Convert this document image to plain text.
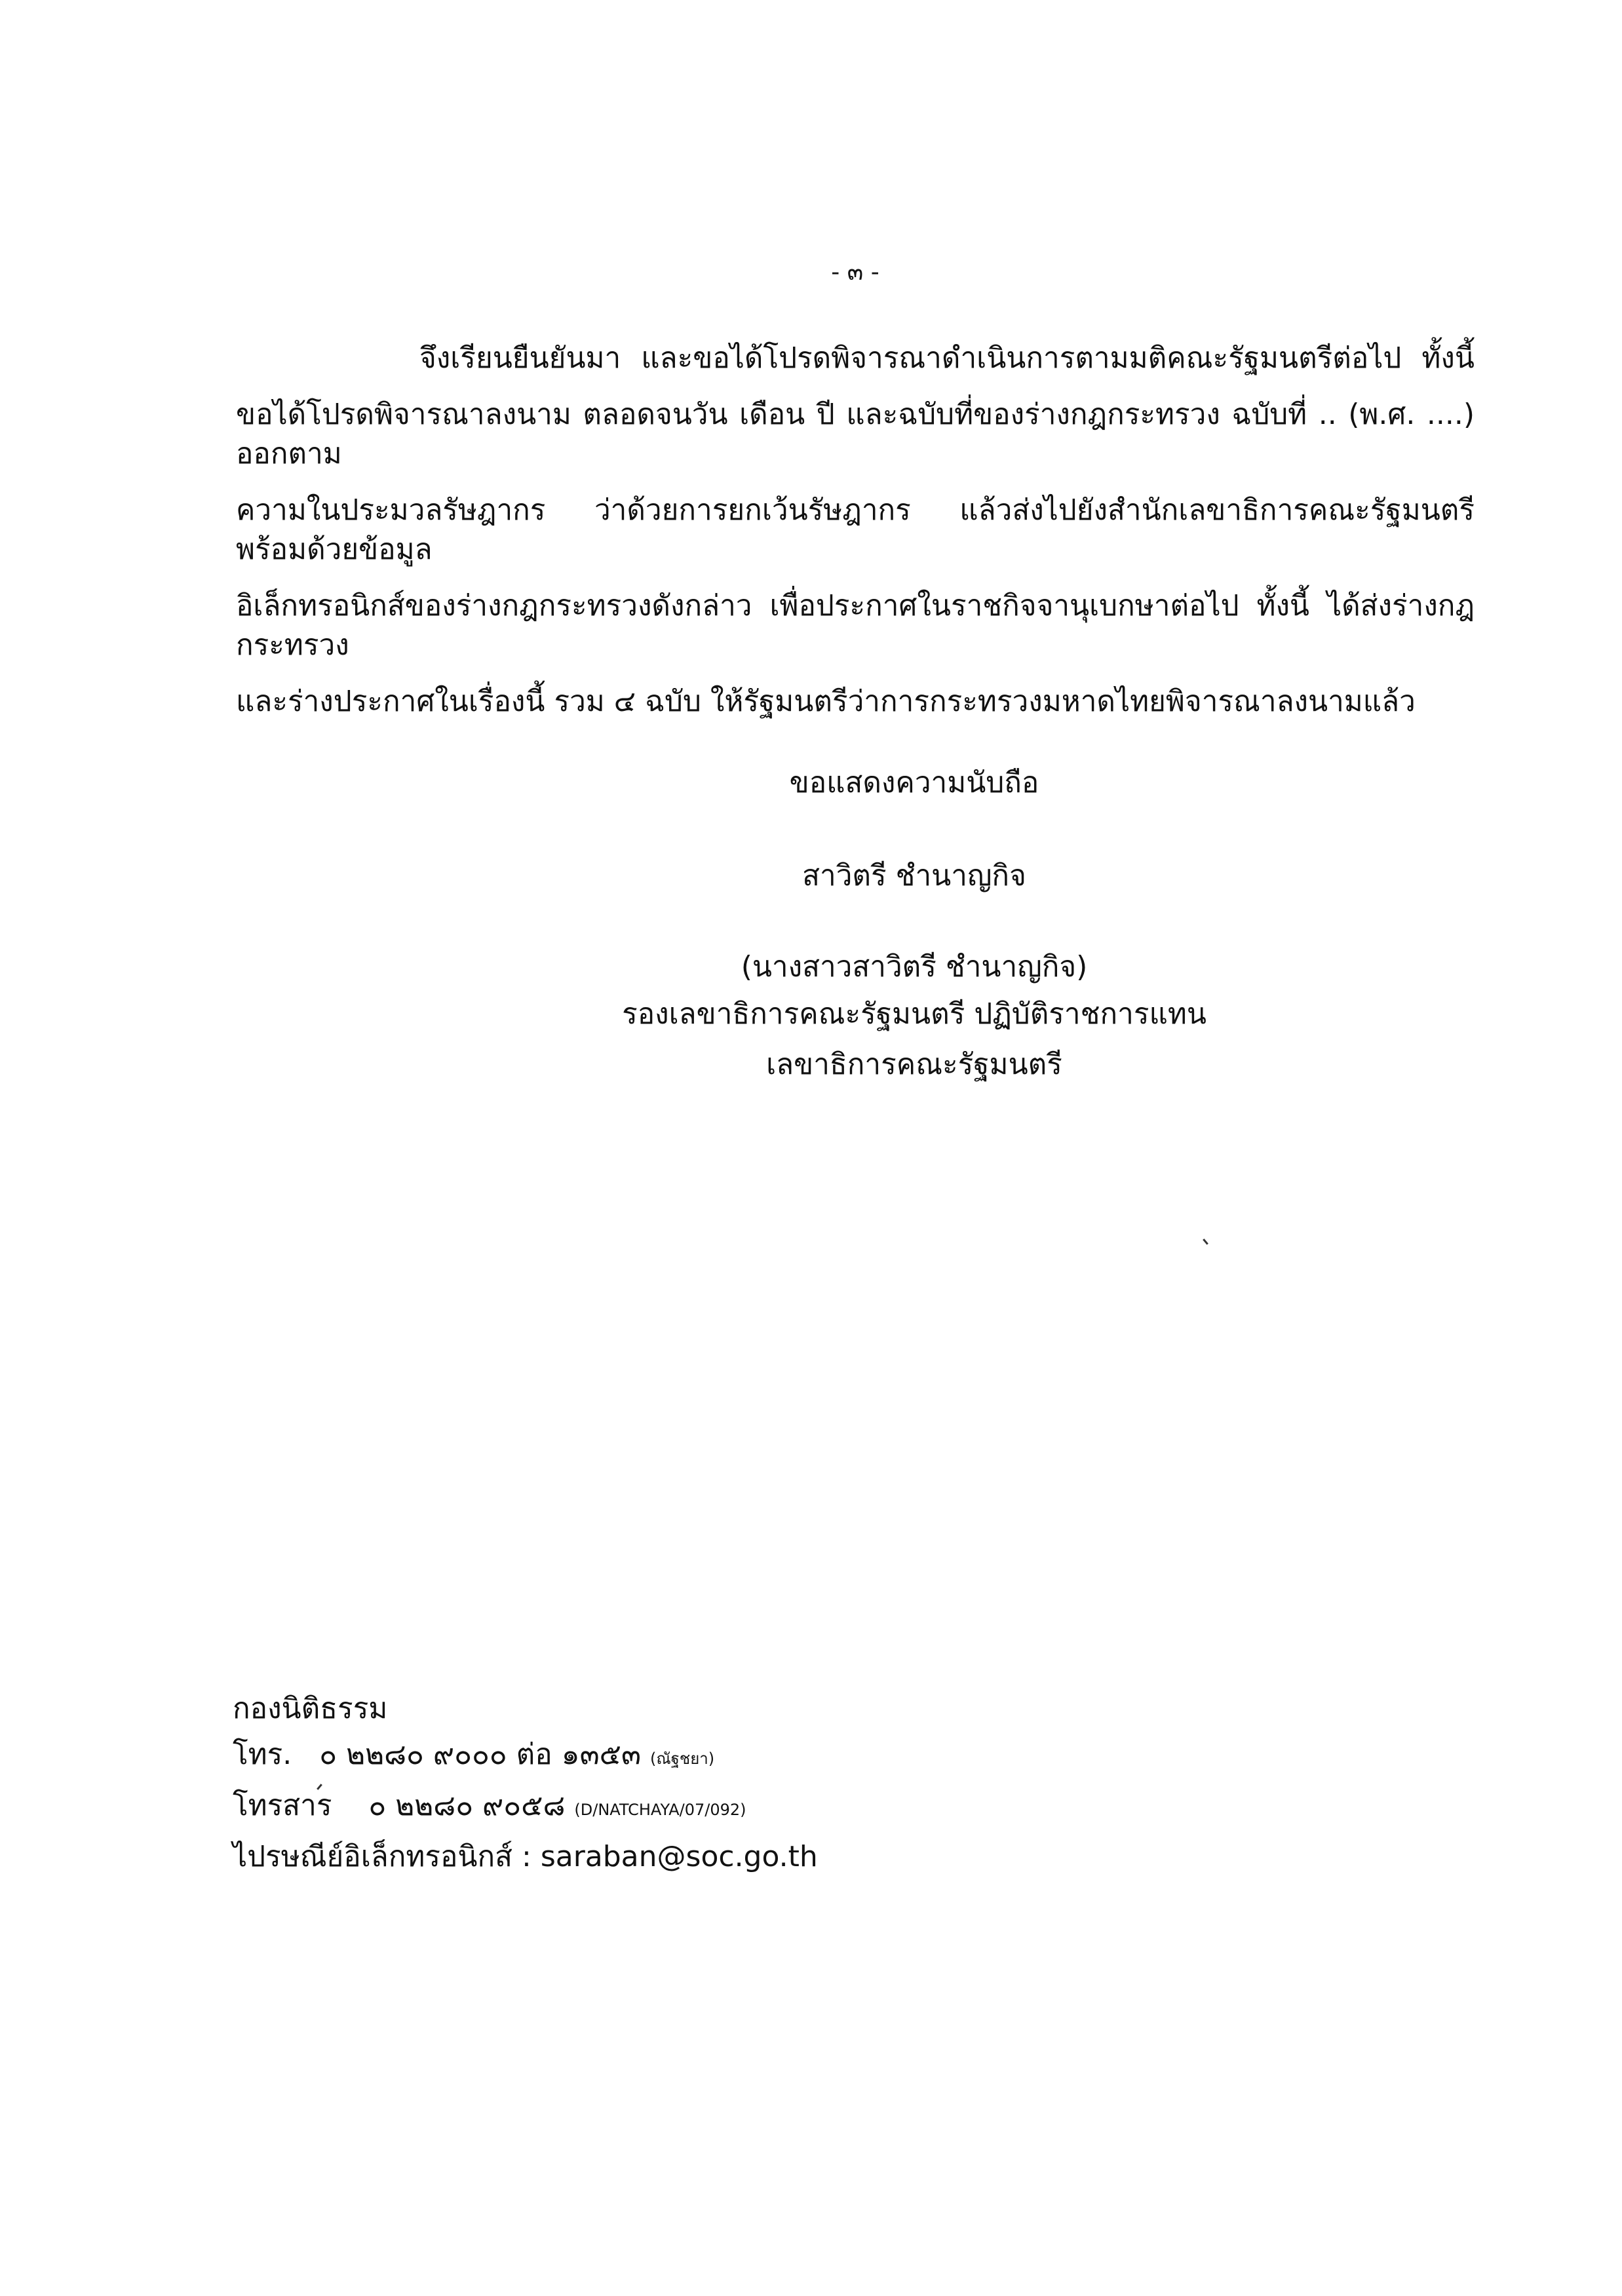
- ๓ -
จึงเรียนยืนยันมา และขอได้โปรดพิจารณาดำเนินการตามมติคณะรัฐมนตรีต่อไป ทั้งนี้
ขอได้โปรดพิจารณาลงนาม ตลอดจนวัน เดือน ปี และฉบับที่ของร่างกฎกระทรวง ฉบับที่ .. (พ.ศ. ....) ออกตาม
ความในประมวลรัษฎากร ว่าด้วยการยกเว้นรัษฎากร แล้วส่งไปยังสำนักเลขาธิการคณะรัฐมนตรี พร้อมด้วยข้อมูล
อิเล็กทรอนิกส์ของร่างกฎกระทรวงดังกล่าว เพื่อประกาศในราชกิจจานุเบกษาต่อไป ทั้งนี้ ได้ส่งร่างกฎกระทรวง
และร่างประกาศในเรื่องนี้ รวม ๔ ฉบับ ให้รัฐมนตรีว่าการกระทรวงมหาดไทยพิจารณาลงนามแล้ว
ขอแสดงความนับถือ
สาวิตรี ชำนาญกิจ
(นางสาวสาวิตรี ชำนาญกิจ)
รองเลขาธิการคณะรัฐมนตรี ปฏิบัติราชการแทน
เลขาธิการคณะรัฐมนตรี
กองนิติธรรม
โทร. ๐ ๒๒๘๐ ๙๐๐๐ ต่อ ๑๓๕๓ (ณัฐชยา)
โทรสาร ๐ ๒๒๘๐ ๙๐๕๘ (D/NATCHAYA/07/092)
ไปรษณีย์อิเล็กทรอนิกส์ : saraban@soc.go.th
